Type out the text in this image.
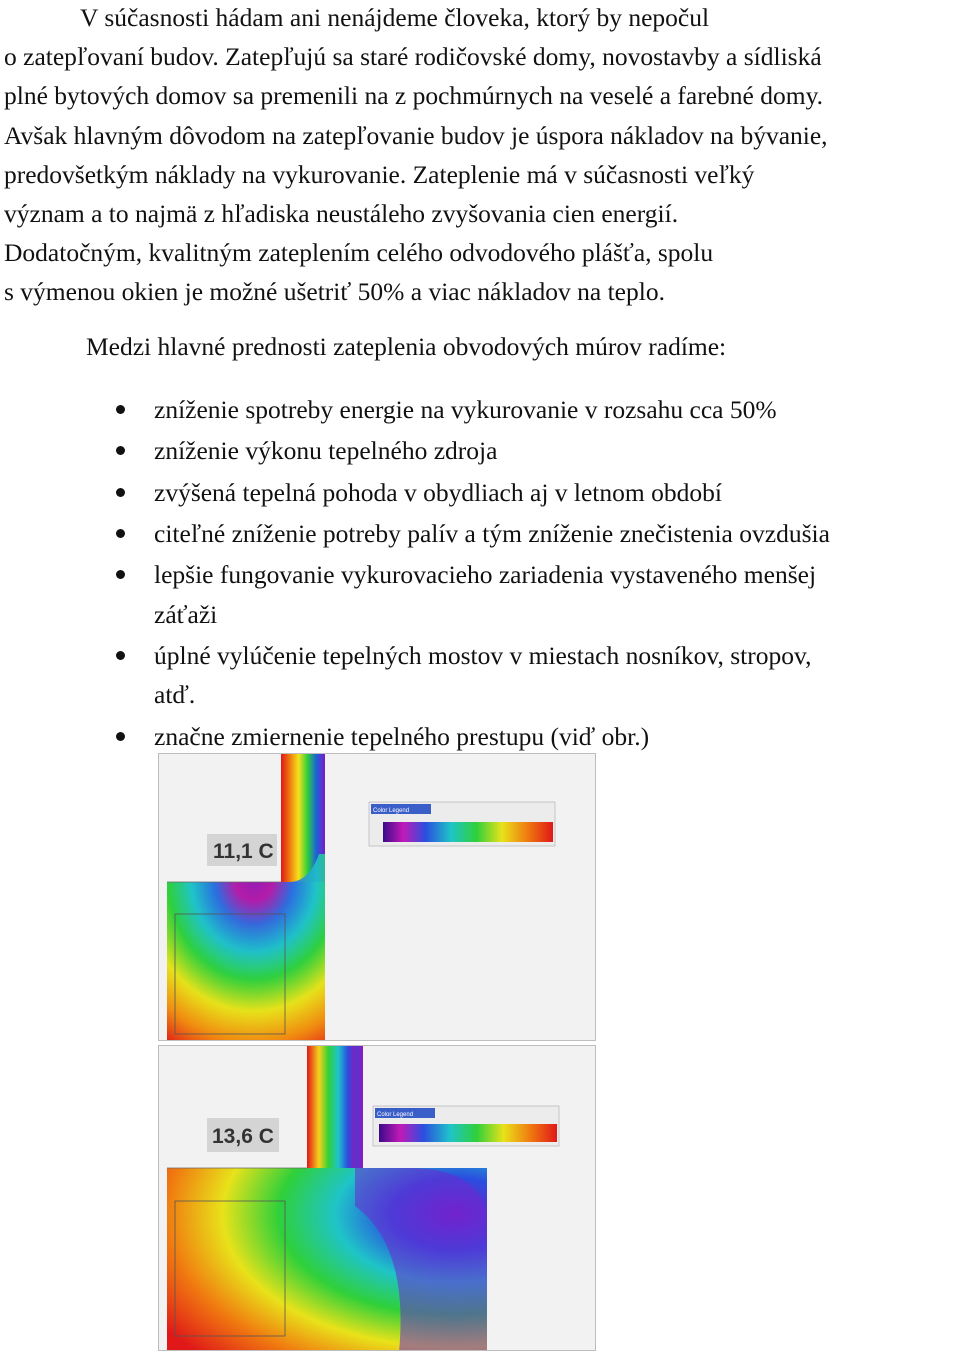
V súčasnosti hádam ani nenájdeme človeka, ktorý by nepočul
o zatepľovaní budov. Zatepľujú sa staré rodičovské domy, novostavby a sídliská
plné bytových domov sa premenili na z pochmúrnych na veselé a farebné domy.
Avšak hlavným dôvodom na zatepľovanie budov je úspora nákladov na bývanie,
predovšetkým náklady na vykurovanie. Zateplenie má v súčasnosti veľký
význam a to najmä z hľadiska neustáleho zvyšovania cien energií.
Dodatočným, kvalitným zateplením celého odvodového plášťa, spolu
s výmenou okien je možné ušetriť 50% a viac nákladov na teplo.

Medzi hlavné prednosti zateplenia obvodových múrov radíme:

zníženie spotreby energie na vykurovanie v rozsahu cca 50%
zníženie výkonu tepelného zdroja
zvýšená tepelná pohoda v obydliach aj v letnom období
citeľné zníženie potreby palív a tým zníženie znečistenia ovzdušia
lepšie fungovanie vykurovacieho zariadenia vystaveného menšej
záťaži
úplné vylúčenie tepelných mostov v miestach nosníkov, stropov,
atď.
značne zmiernenie tepelného prestupu (viď obr.)
11,1 C
Color Legend
13,6 C
Color Legend
